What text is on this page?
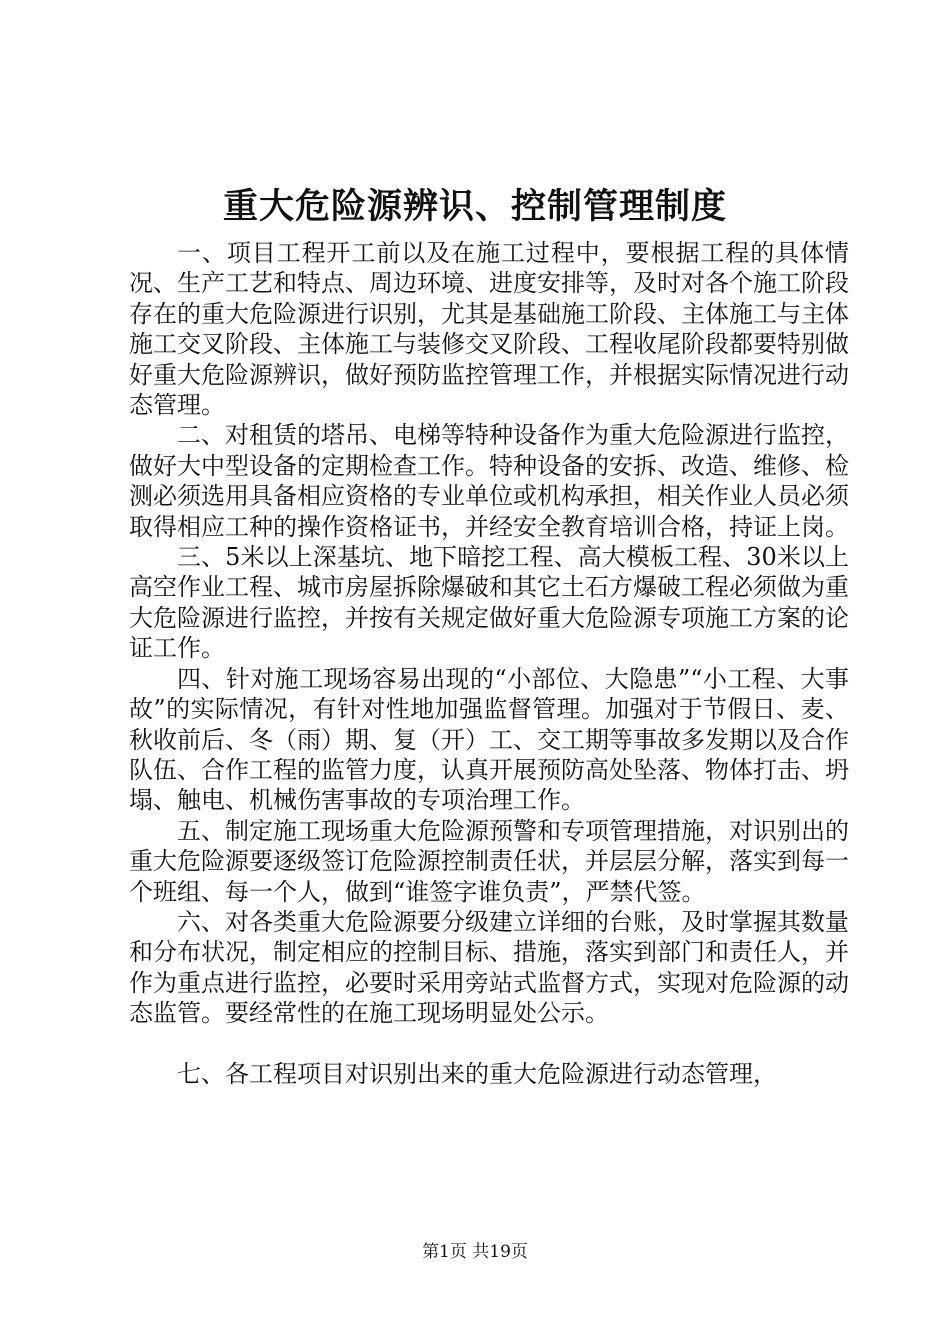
重大危险源辨识、控制管理制度

一、项目工程开工前以及在施工过程中，要根据工程的具体情况、生产工艺和特点、周边环境、进度安排等，及时对各个施工阶段存在的重大危险源进行识别，尤其是基础施工阶段、主体施工与主体施工交叉阶段、主体施工与装修交叉阶段、工程收尾阶段都要特别做好重大危险源辨识，做好预防监控管理工作，并根据实际情况进行动态管理。

二、对租赁的塔吊、电梯等特种设备作为重大危险源进行监控，做好大中型设备的定期检查工作。特种设备的安拆、改造、维修、检测必须选用具备相应资格的专业单位或机构承担，相关作业人员必须取得相应工种的操作资格证书，并经安全教育培训合格，持证上岗。

三、5米以上深基坑、地下暗挖工程、高大模板工程、30米以上高空作业工程、城市房屋拆除爆破和其它土石方爆破工程必须做为重大危险源进行监控，并按有关规定做好重大危险源专项施工方案的论证工作。

四、针对施工现场容易出现的“小部位、大隐患”“小工程、大事故”的实际情况，有针对性地加强监督管理。加强对于节假日、麦、秋收前后、冬（雨）期、复（开）工、交工期等事故多发期以及合作队伍、合作工程的监管力度，认真开展预防高处坠落、物体打击、坍塌、触电、机械伤害事故的专项治理工作。

五、制定施工现场重大危险源预警和专项管理措施，对识别出的重大危险源要逐级签订危险源控制责任状，并层层分解，落实到每一个班组、每一个人，做到“谁签字谁负责”，严禁代签。

六、对各类重大危险源要分级建立详细的台账，及时掌握其数量和分布状况，制定相应的控制目标、措施，落实到部门和责任人，并作为重点进行监控，必要时采用旁站式监督方式，实现对危险源的动态监管。要经常性的在施工现场明显处公示。

七、各工程项目对识别出来的重大危险源进行动态管理，

第1页 共19页
